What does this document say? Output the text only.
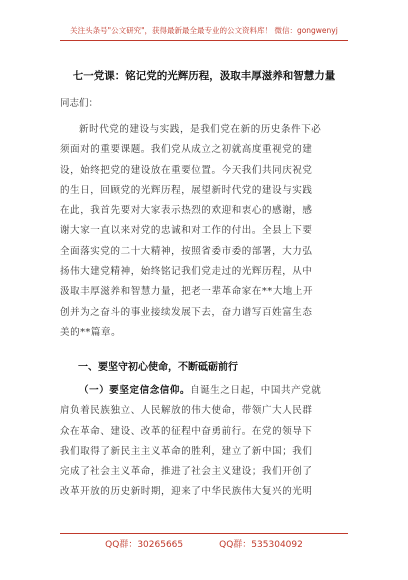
关注头条号"公文研究"，获得最新最全最专业的公文资料库！ 微信：gongwenyj
七一党课：铭记党的光辉历程，汲取丰厚滋养和智慧力量
同志们：
新时代党的建设与实践，是我们党在新的历史条件下必
须面对的重要课题。我们党从成立之初就高度重视党的建
设，始终把党的建设放在重要位置。今天我们共同庆祝党
的生日，回顾党的光辉历程，展望新时代党的建设与实践
在此，我首先要对大家表示热烈的欢迎和衷心的感谢，感
谢大家一直以来对党的忠诚和对工作的付出。全县上下要
全面落实党的二十大精神，按照省委市委的部署，大力弘
扬伟大建党精神，始终铭记我们党走过的光辉历程，从中
汲取丰厚滋养和智慧力量，把老一辈革命家在**大地上开
创并为之奋斗的事业接续发展下去，奋力谱写百姓富生态
美的**篇章。
一、要坚守初心使命，不断砥砺前行
（一）要坚定信念信仰。自诞生之日起，中国共产党就
肩负着民族独立、人民解放的伟大使命，带领广大人民群
众在革命、建设、改革的征程中奋勇前行。在党的领导下
我们取得了新民主主义革命的胜利，建立了新中国；我们
完成了社会主义革命，推进了社会主义建设；我们开创了
改革开放的历史新时期，迎来了中华民族伟大复兴的光明
QQ群：30265665	QQ群：535304092
